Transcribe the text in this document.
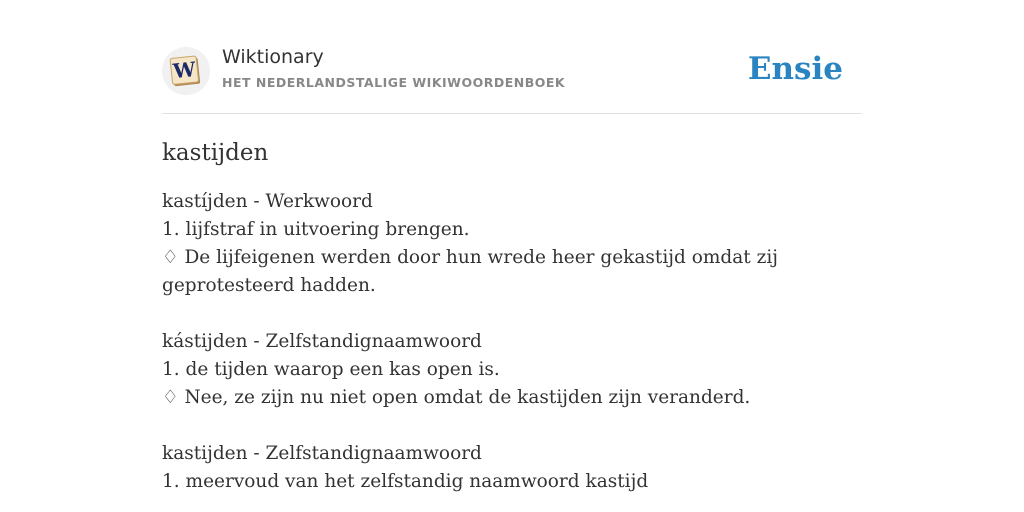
W
Wiktionary
HET NEDERLANDSTALIGE WIKIWOORDENBOEK	Ensie
kastijden
kastíjden - Werkwoord
1. lijfstraf in uitvoering brengen.
♢ De lijfeigenen werden door hun wrede heer gekastijd omdat zij geprotesteerd hadden.
kástijden - Zelfstandignaamwoord
1. de tijden waarop een kas open is.
♢ Nee, ze zijn nu niet open omdat de kastijden zijn veranderd.
kastijden - Zelfstandignaamwoord
1. meervoud van het zelfstandig naamwoord kastijd
